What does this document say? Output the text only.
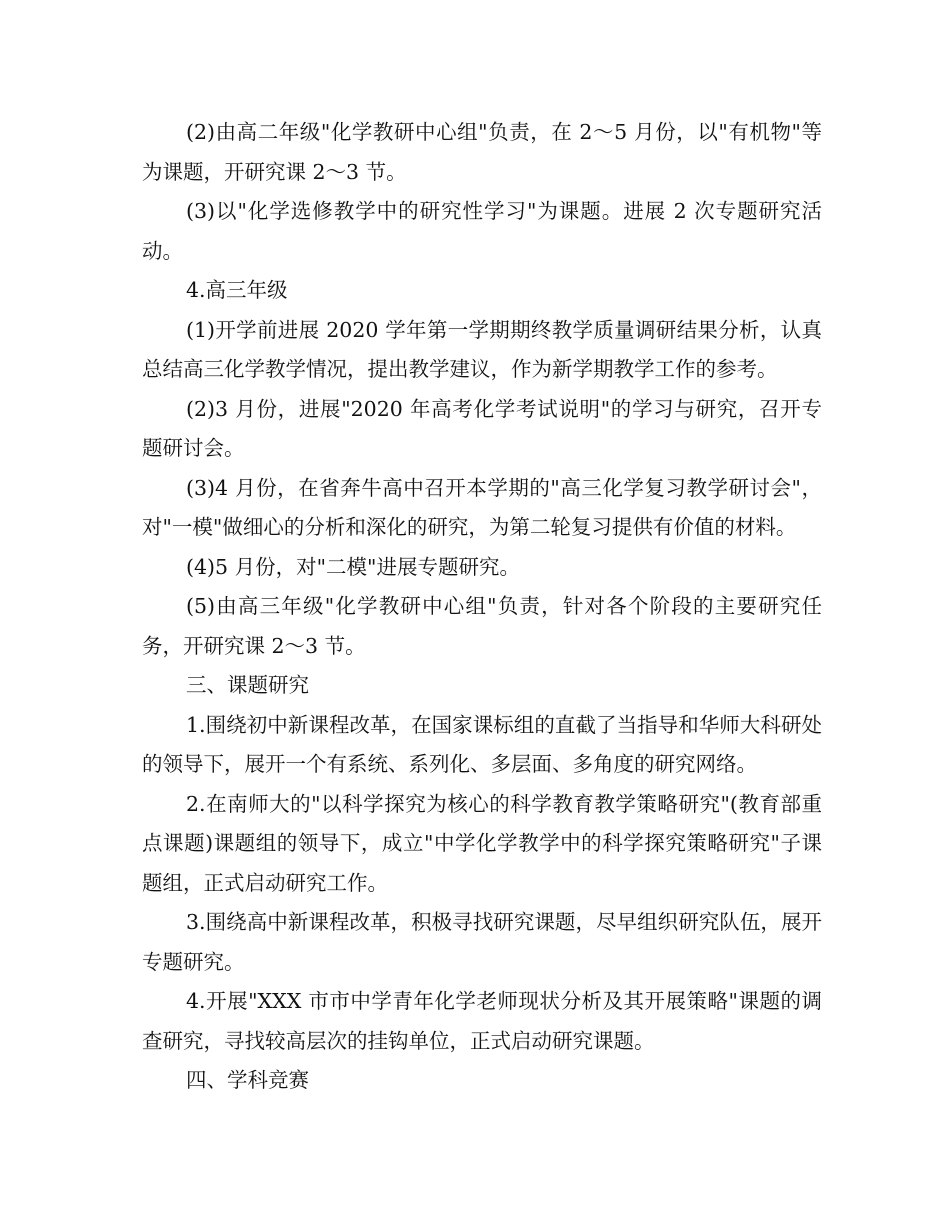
(2)由高二年级"化学教研中心组"负责，在 2～5 月份，以"有机物"等为课题，开研究课 2～3 节。

(3)以"化学选修教学中的研究性学习"为课题。进展 2 次专题研究活动。

4.高三年级

(1)开学前进展 2020 学年第一学期期终教学质量调研结果分析，认真总结高三化学教学情况，提出教学建议，作为新学期教学工作的参考。

(2)3 月份，进展"2020 年高考化学考试说明"的学习与研究，召开专题研讨会。

(3)4 月份，在省奔牛高中召开本学期的"高三化学复习教学研讨会"，对"一模"做细心的分析和深化的研究，为第二轮复习提供有价值的材料。

(4)5 月份，对"二模"进展专题研究。

(5)由高三年级"化学教研中心组"负责，针对各个阶段的主要研究任务，开研究课 2～3 节。

三、课题研究

1.围绕初中新课程改革，在国家课标组的直截了当指导和华师大科研处的领导下，展开一个有系统、系列化、多层面、多角度的研究网络。

2.在南师大的"以科学探究为核心的科学教育教学策略研究"(教育部重点课题)课题组的领导下，成立"中学化学教学中的科学探究策略研究"子课题组，正式启动研究工作。

3.围绕高中新课程改革，积极寻找研究课题，尽早组织研究队伍，展开专题研究。

4.开展"XXX 市市中学青年化学老师现状分析及其开展策略"课题的调查研究，寻找较高层次的挂钩单位，正式启动研究课题。

四、学科竞赛
